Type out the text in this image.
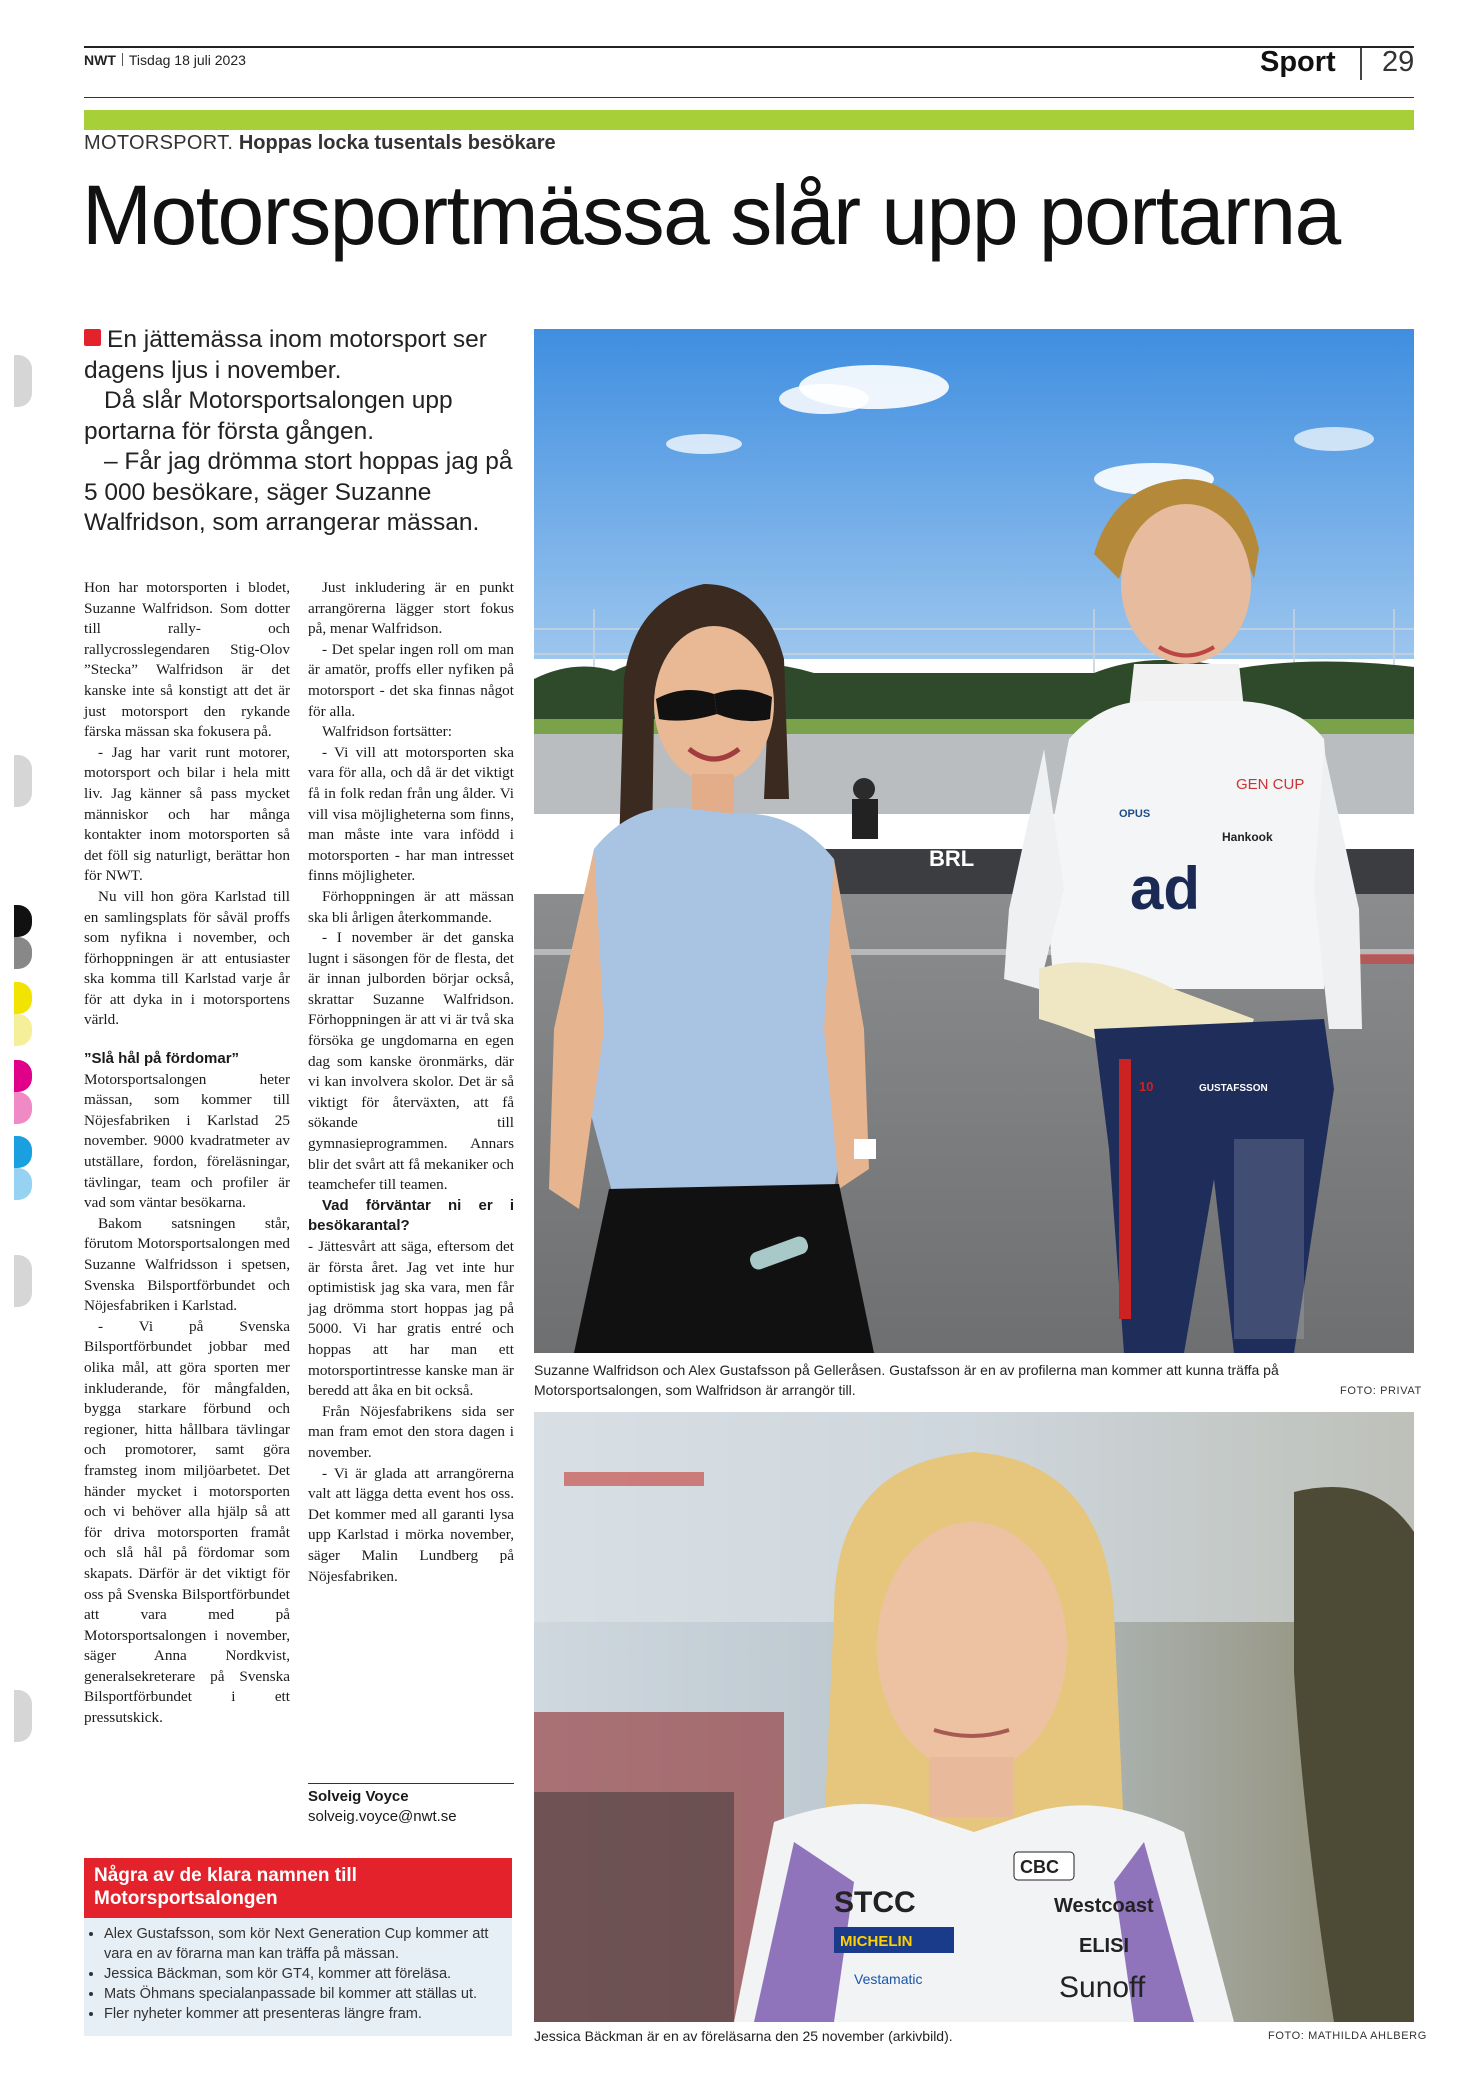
NWT Tisdag 18 juli 2023	Sport 29
MOTORSPORT. Hoppas locka tusentals besökare
Motorsportmässa slår upp portarna

En jättemässa inom motorsport ser dagens ljus i november.

Då slår Motorsportsalongen upp portarna för första gången.

– Får jag drömma stort hoppas jag på 5 000 besökare, säger Suzanne Walfridson, som arrangerar mässan.

Hon har motorsporten i blodet, Suzanne Walfridson. Som dotter till rally- och rallycrosslegendaren Stig-Olov ”Stecka” Walfridson är det kanske inte så konstigt att det är just motorsport den rykande färska mässan ska fokusera på.

- Jag har varit runt motorer, motorsport och bilar i hela mitt liv. Jag känner så pass mycket människor och har många kontakter inom motorsporten så det föll sig naturligt, berättar hon för NWT.

Nu vill hon göra Karlstad till en samlingsplats för såväl proffs som nyfikna i november, och förhoppningen är att entusiaster ska komma till Karlstad varje år för att dyka in i motorsportens värld.

”Slå hål på fördomar”

Motorsportsalongen heter mässan, som kommer till Nöjesfabriken i Karlstad 25 november. 9000 kvadratmeter av utställare, fordon, föreläsningar, tävlingar, team och profiler är vad som väntar besökarna.

Bakom satsningen står, förutom Motorsportsalongen med Suzanne Walfridsson i spetsen, Svenska Bilsportförbundet och Nöjesfabriken i Karlstad.

- Vi på Svenska Bilsportförbundet jobbar med olika mål, att göra sporten mer inkluderande, för mångfalden, bygga starkare förbund och regioner, hitta hållbara tävlingar och promotorer, samt göra framsteg inom miljöarbetet. Det händer mycket i motorsporten och vi behöver alla hjälp så att för driva motorsporten framåt och slå hål på fördomar som skapats. Därför är det viktigt för oss på Svenska Bilsportförbundet att vara med på Motorsportsalongen i november, säger Anna Nordkvist, generalsekreterare på Svenska Bilsportförbundet i ett pressutskick.

Just inkludering är en punkt arrangörerna lägger stort fokus på, menar Walfridson.

- Det spelar ingen roll om man är amatör, proffs eller nyfiken på motorsport - det ska finnas något för alla.

Walfridson fortsätter:

- Vi vill att motorsporten ska vara för alla, och då är det viktigt få in folk redan från ung ålder. Vi vill visa möjligheterna som finns, man måste inte vara infödd i motorsporten - har man intresset finns möjligheter.

Förhoppningen är att mässan ska bli årligen återkommande.

- I november är det ganska lugnt i säsongen för de flesta, det är innan julborden börjar också, skrattar Suzanne Walfridson. Förhoppningen är att vi är två ska försöka ge ungdomarna en egen dag som kanske öronmärks, där vi kan involvera skolor. Det är så viktigt för återväxten, att få sökande till gymnasieprogrammen. Annars blir det svårt att få mekaniker och teamchefer till teamen.

Vad förväntar ni er i besökarantal?

- Jättesvårt att säga, eftersom det är första året. Jag vet inte hur optimistisk jag ska vara, men får jag drömma stort hoppas jag på 5000. Vi har gratis entré och hoppas att har man ett motorsportintresse kanske man är beredd att åka en bit också.

Från Nöjesfabrikens sida ser man fram emot den stora dagen i november.

- Vi är glada att arrangörerna valt att lägga detta event hos oss. Det kommer med all garanti lysa upp Karlstad i mörka november, säger Malin Lundberg på Nöjesfabriken.

Solveig Voyce
solveig.voyce@nwt.se
Några av de klara namnen till Motorsportsalongen
• Alex Gustafsson, som kör Next Generation Cup kommer att vara en av förarna man kan träffa på mässan.
• Jessica Bäckman, som kör GT4, kommer att föreläsa.
• Mats Öhmans specialanpassade bil kommer att ställas ut.
• Fler nyheter kommer att presenteras längre fram.
BRL
GEN CUP
OPUS
Hankook
ad
10	GUSTAFSSON
Suzanne Walfridson och Alex Gustafsson på Gelleråsen. Gustafsson är en av profilerna man kommer att kunna träffa på Motorsportsalongen, som Walfridson är arrangör till.	FOTO: PRIVAT
CBC
STCC
MICHELIN
Vestamatic
Westcoast
ELISI
Sunoff
Jessica Bäckman är en av föreläsarna den 25 november (arkivbild).	FOTO: MATHILDA AHLBERG
